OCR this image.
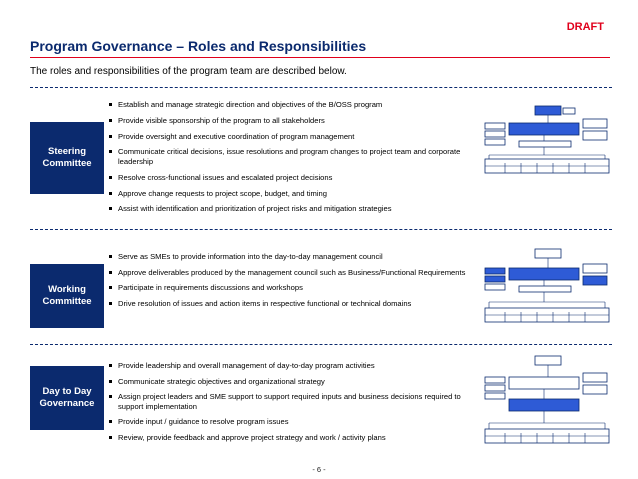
DRAFT
Program Governance – Roles and Responsibilities
The roles and responsibilities of the program team are described below.
Steering
Committee
Establish and manage strategic direction and objectives of the B/OSS program
Provide visible sponsorship of the program to all stakeholders
Provide oversight and executive coordination of program management
Communicate critical decisions, issue resolutions and program changes to project team and corporate leadership
Resolve cross-functional issues and escalated project decisions
Approve change requests to project scope, budget, and timing
Assist with identification and prioritization of project risks and mitigation strategies
Working
Committee
Serve as SMEs to provide information into the day-to-day management council
Approve deliverables produced by the management council such as Business/Functional Requirements
Participate in requirements discussions and workshops
Drive resolution of issues and action items in respective functional or technical domains
Day to Day
Governance
Provide leadership and overall management of day-to-day program activities
Communicate strategic objectives and organizational strategy
Assign project leaders and SME support to support required inputs and business decisions required to support implementation
Provide input / guidance to resolve program issues
Review, provide feedback and approve project strategy and work / activity plans
- 6 -
